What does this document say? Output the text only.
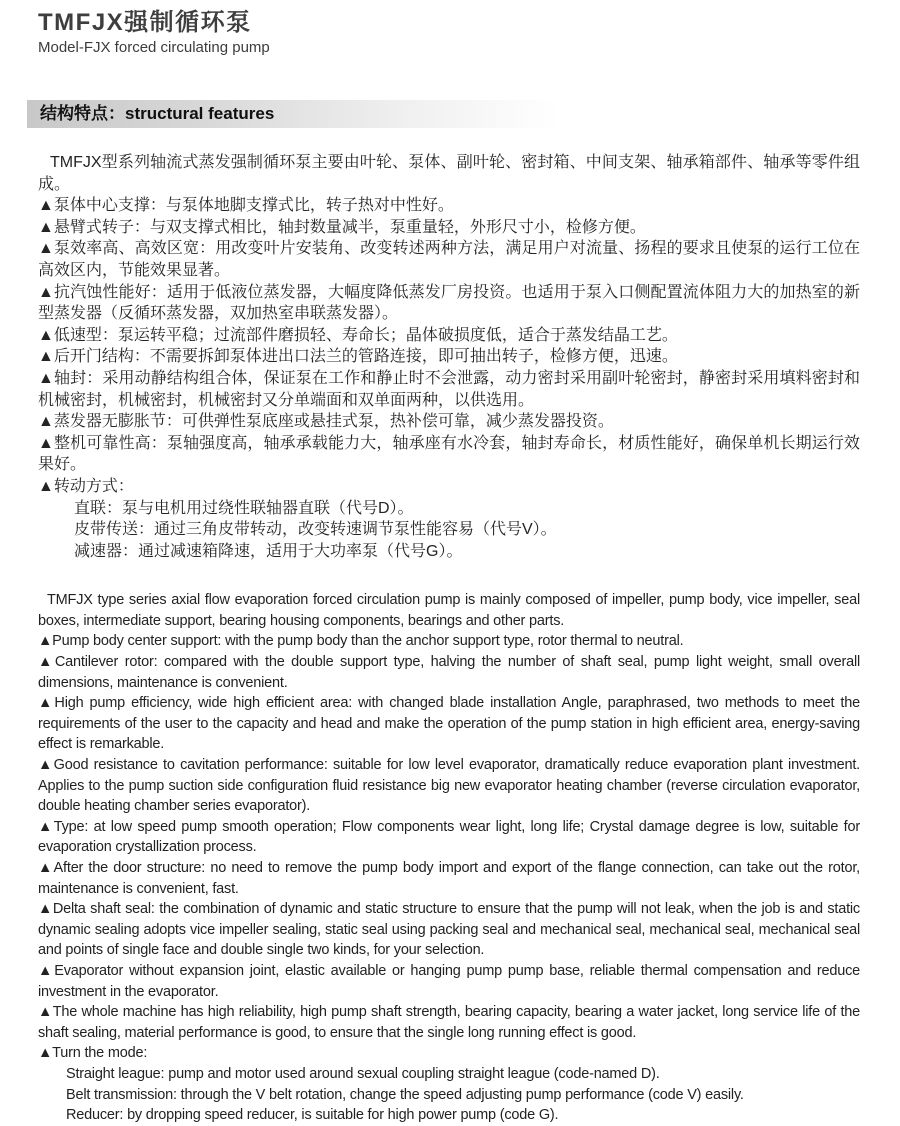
TMFJX强制循环泵
Model-FJX forced circulating pump
结构特点：structural features

TMFJX型系列轴流式蒸发强制循环泵主要由叶轮、泵体、副叶轮、密封箱、中间支架、轴承箱部件、轴承等零件组成。

▲泵体中心支撑：与泵体地脚支撑式比，转子热对中性好。

▲悬臂式转子：与双支撑式相比，轴封数量减半，泵重量轻，外形尺寸小，检修方便。

▲泵效率高、高效区宽：用改变叶片安装角、改变转述两种方法，满足用户对流量、扬程的要求且使泵的运行工位在高效区内，节能效果显著。

▲抗汽蚀性能好：适用于低液位蒸发器，大幅度降低蒸发厂房投资。也适用于泵入口侧配置流体阻力大的加热室的新型蒸发器（反循环蒸发器，双加热室串联蒸发器）。

▲低速型：泵运转平稳；过流部件磨损轻、寿命长；晶体破损度低，适合于蒸发结晶工艺。

▲后开门结构：不需要拆卸泵体进出口法兰的管路连接，即可抽出转子，检修方便，迅速。

▲轴封：采用动静结构组合体，保证泵在工作和静止时不会泄露，动力密封采用副叶轮密封，静密封采用填料密封和机械密封，机械密封，机械密封又分单端面和双单面两种，以供选用。

▲蒸发器无膨胀节：可供弹性泵底座或悬挂式泵，热补偿可靠，减少蒸发器投资。

▲整机可靠性高：泵轴强度高，轴承承载能力大，轴承座有水冷套，轴封寿命长，材质性能好，确保单机长期运行效果好。

▲转动方式：

直联：泵与电机用过绕性联轴器直联（代号D）。

皮带传送：通过三角皮带转动，改变转速调节泵性能容易（代号V）。

减速器：通过减速箱降速，适用于大功率泵（代号G）。

TMFJX type series axial flow evaporation forced circulation pump is mainly composed of impeller, pump body, vice impeller, seal boxes, intermediate support, bearing housing components, bearings and other parts.

▲Pump body center support: with the pump body than the anchor support type, rotor thermal to neutral.

▲Cantilever rotor: compared with the double support type, halving the number of shaft seal, pump light weight, small overall dimensions, maintenance is convenient.

▲High pump efficiency, wide high efficient area: with changed blade installation Angle, paraphrased, two methods to meet the requirements of the user to the capacity and head and make the operation of the pump station in high efficient area, energy-saving effect is remarkable.

▲Good resistance to cavitation performance: suitable for low level evaporator, dramatically reduce evaporation plant investment. Applies to the pump suction side configuration fluid resistance big new evaporator heating chamber (reverse circulation evaporator, double heating chamber series evaporator).

▲Type: at low speed pump smooth operation; Flow components wear light, long life; Crystal damage degree is low, suitable for evaporation crystallization process.

▲After the door structure: no need to remove the pump body import and export of the flange connection, can take out the rotor, maintenance is convenient, fast.

▲Delta shaft seal: the combination of dynamic and static structure to ensure that the pump will not leak, when the job is and static dynamic sealing adopts vice impeller sealing, static seal using packing seal and mechanical seal, mechanical seal, mechanical seal and points of single face and double single two kinds, for your selection.

▲Evaporator without expansion joint, elastic available or hanging pump pump base, reliable thermal compensation and reduce investment in the evaporator.

▲The whole machine has high reliability, high pump shaft strength, bearing capacity, bearing a water jacket, long service life of the shaft sealing, material performance is good, to ensure that the single long running effect is good.

▲Turn the mode:

Straight league: pump and motor used around sexual coupling straight league (code-named D).

Belt transmission: through the V belt rotation, change the speed adjusting pump performance (code V) easily.

Reducer: by dropping speed reducer, is suitable for high power pump (code G).
